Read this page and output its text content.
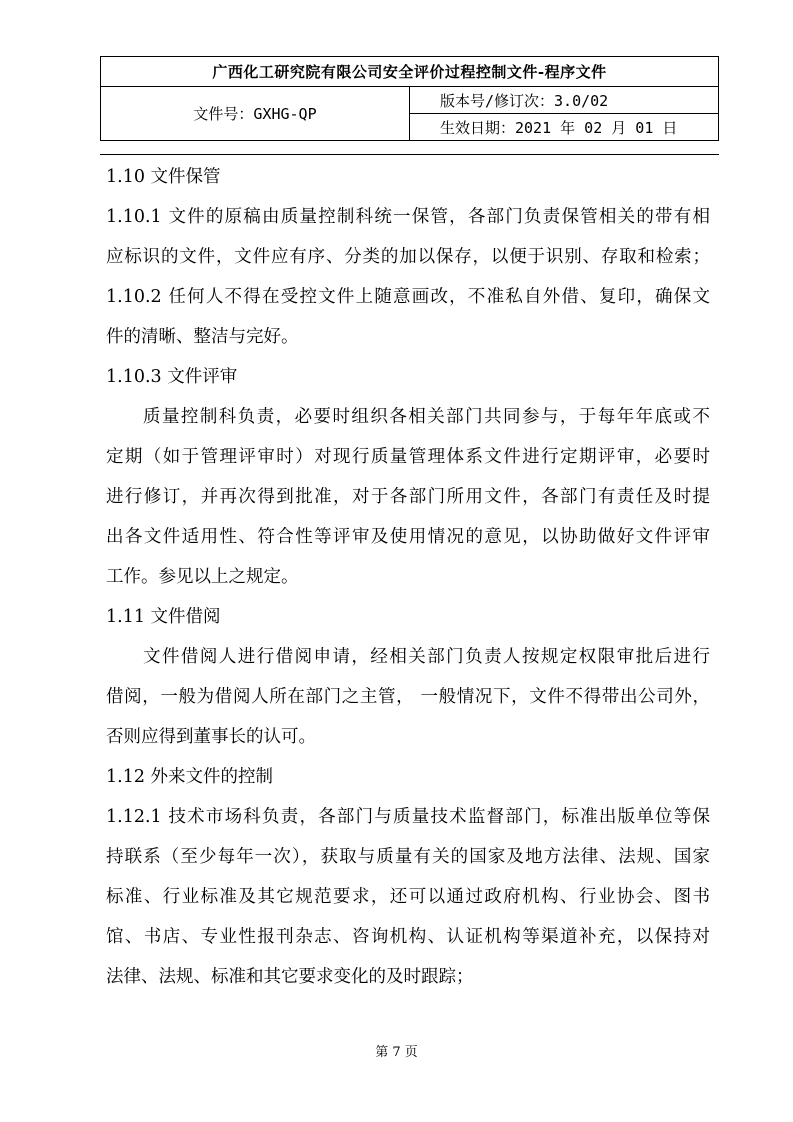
广西化工研究院有限公司安全评价过程控制文件-程序文件
文件号：GXHG-QP	版本号/修订次：3.0/02
生效日期：2021 年 02 月 01 日
1.10 文件保管
1.10.1 文件的原稿由质量控制科统一保管，各部门负责保管相关的带有相
应标识的文件，文件应有序、分类的加以保存，以便于识别、存取和检索；
1.10.2 任何人不得在受控文件上随意画改，不准私自外借、复印，确保文
件的清晰、整洁与完好。
1.10.3 文件评审
质量控制科负责，必要时组织各相关部门共同参与，于每年年底或不
定期（如于管理评审时）对现行质量管理体系文件进行定期评审，必要时
进行修订，并再次得到批准，对于各部门所用文件，各部门有责任及时提
出各文件适用性、符合性等评审及使用情况的意见，以协助做好文件评审
工作。参见以上之规定。
1.11 文件借阅
文件借阅人进行借阅申请，经相关部门负责人按规定权限审批后进行
借阅，一般为借阅人所在部门之主管， 一般情况下，文件不得带出公司外，
否则应得到董事长的认可。
1.12 外来文件的控制
1.12.1 技术市场科负责，各部门与质量技术监督部门，标准出版单位等保
持联系（至少每年一次），获取与质量有关的国家及地方法律、法规、国家
标准、行业标准及其它规范要求，还可以通过政府机构、行业协会、图书
馆、书店、专业性报刊杂志、咨询机构、认证机构等渠道补充，以保持对
法律、法规、标准和其它要求变化的及时跟踪；
第 7 页
